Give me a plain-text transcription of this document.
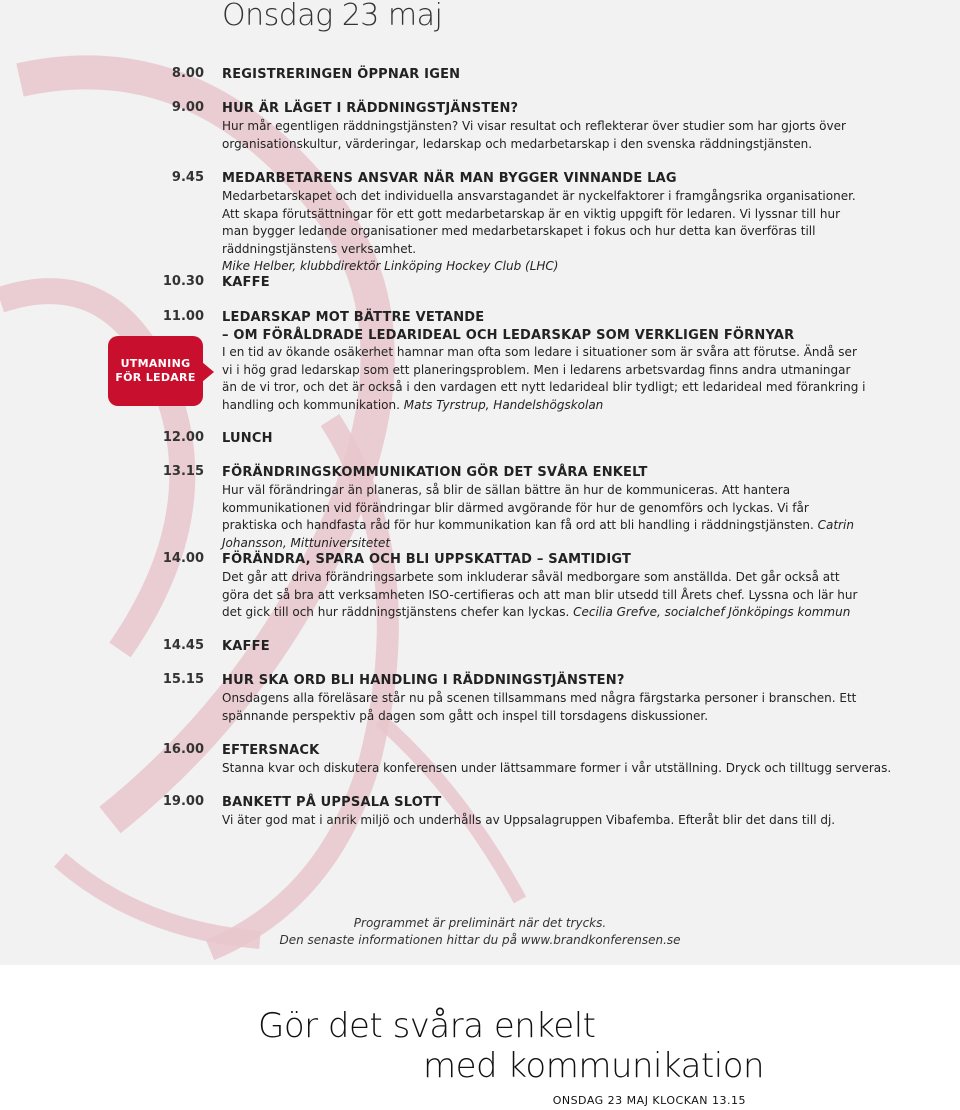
Onsdag 23 maj
8.00 REGISTRERINGEN ÖPPNAR IGEN
9.00 HUR ÄR LÄGET I RÄDDNINGSTJÄNSTEN?
Hur mår egentligen räddningstjänsten? Vi visar resultat och reflekterar över studier som har gjorts över organisationskultur, värderingar, ledarskap och medarbetarskap i den svenska räddningstjänsten.
9.45 MEDARBETARENS ANSVAR NÄR MAN BYGGER VINNANDE LAG
Medarbetarskapet och det individuella ansvarstagandet är nyckelfaktorer i framgångsrika organisationer. Att skapa förutsättningar för ett gott medarbetarskap är en viktig uppgift för ledaren. Vi lyssnar till hur man bygger ledande organisationer med medarbetarskapet i fokus och hur detta kan överföras till räddningstjänstens verksamhet.
Mike Helber, klubbdirektör Linköping Hockey Club (LHC)
10.30 KAFFE
11.00 LEDARSKAP MOT BÄTTRE VETANDE
– OM FÖRÅLDRADE LEDARIDEAL OCH LEDARSKAP SOM VERKLIGEN FÖRNYAR
I en tid av ökande osäkerhet hamnar man ofta som ledare i situationer som är svåra att förutse. Ändå ser vi i hög grad ledarskap som ett planeringsproblem. Men i ledarens arbetsvardag finns andra utmaningar än de vi tror, och det är också i den vardagen ett nytt ledarideal blir tydligt; ett ledarideal med förankring i handling och kommunikation. Mats Tyrstrup, Handelshögskolan
UTMANING
FÖR LEDARE
12.00 LUNCH
13.15 FÖRÄNDRINGSKOMMUNIKATION GÖR DET SVÅRA ENKELT
Hur väl förändringar än planeras, så blir de sällan bättre än hur de kommuniceras. Att hantera kommunikationen vid förändringar blir därmed avgörande för hur de genomförs och lyckas. Vi får praktiska och handfasta råd för hur kommunikation kan få ord att bli handling i räddningstjänsten. Catrin Johansson, Mittuniversitetet
14.00 FÖRÄNDRA, SPARA OCH BLI UPPSKATTAD – SAMTIDIGT
Det går att driva förändringsarbete som inkluderar såväl medborgare som anställda. Det går också att göra det så bra att verksamheten ISO-certifieras och att man blir utsedd till Årets chef. Lyssna och lär hur det gick till och hur räddningstjänstens chefer kan lyckas. Cecilia Grefve, socialchef Jönköpings kommun
14.45 KAFFE
15.15 HUR SKA ORD BLI HANDLING I RÄDDNINGSTJÄNSTEN?
Onsdagens alla föreläsare står nu på scenen tillsammans med några färgstarka personer i branschen. Ett spännande perspektiv på dagen som gått och inspel till torsdagens diskussioner.
16.00 EFTERSNACK
Stanna kvar och diskutera konferensen under lättsammare former i vår utställning. Dryck och tilltugg serveras.
19.00 BANKETT PÅ UPPSALA SLOTT
Vi äter god mat i anrik miljö och underhålls av Uppsalagruppen Vibafemba. Efteråt blir det dans till dj.
Programmet är preliminärt när det trycks.
Den senaste informationen hittar du på www.brandkonferensen.se
Gör det svåra enkelt
med kommunikation
ONSDAG 23 MAJ KLOCKAN 13.15
